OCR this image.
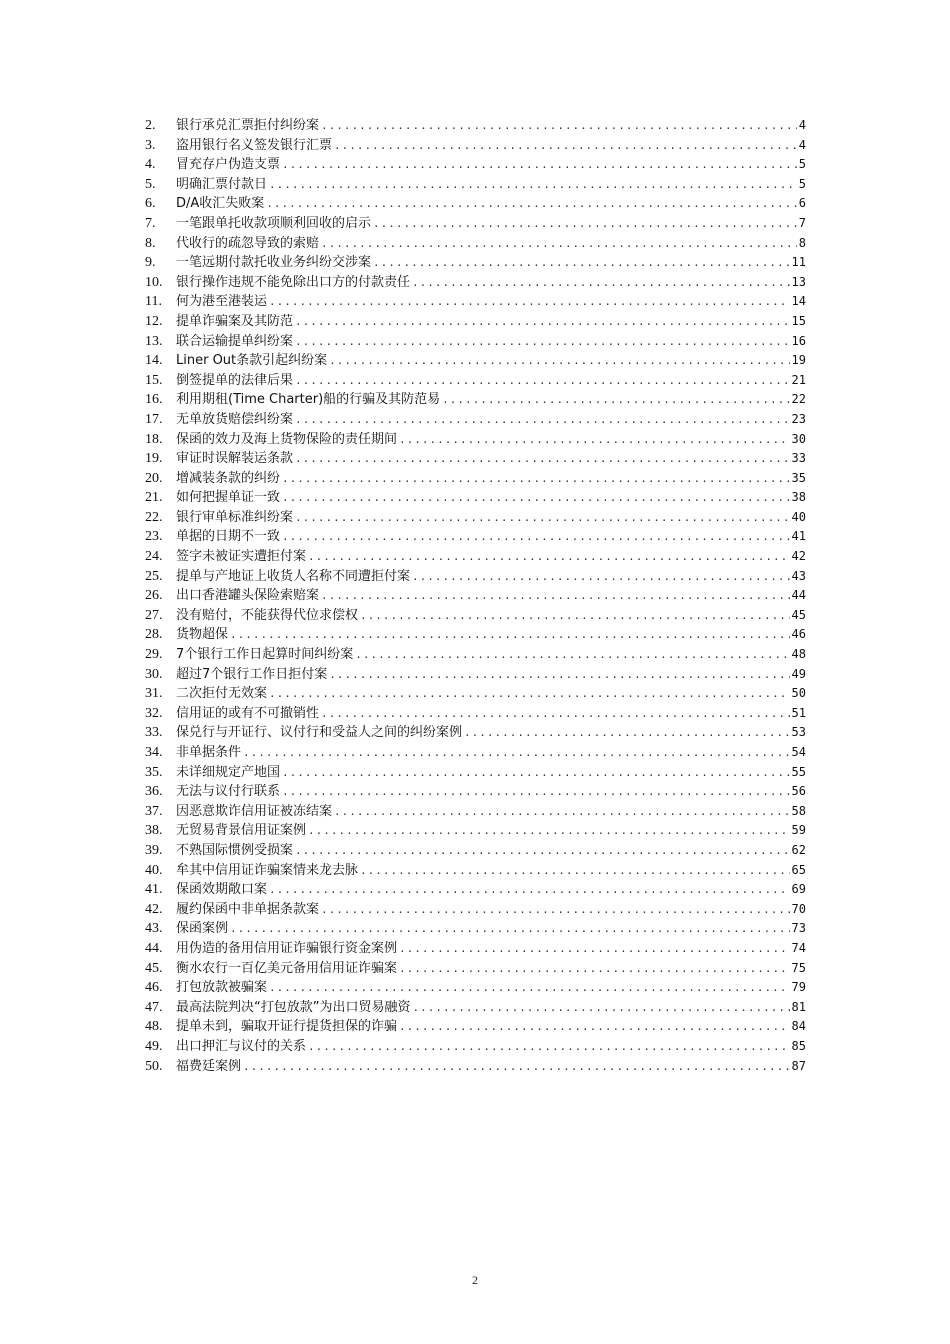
2.	银行承兑汇票拒付纠纷案 .....	4
3.	盗用银行名义签发银行汇票 .....	4
4.	冒充存户伪造支票 .....	5
5.	明确汇票付款日 .....	5
6.	D/A收汇失败案 .....	6
7.	一笔跟单托收款项顺利回收的启示 .....	7
8.	代收行的疏忽导致的索赔 .....	8
9.	一笔远期付款托收业务纠纷交涉案 .....	11
10.	银行操作违规不能免除出口方的付款责任 .....	13
11.	何为港至港装运 .....	14
12.	提单诈骗案及其防范 .....	15
13.	联合运输提单纠纷案 .....	16
14.	Liner Out条款引起纠纷案 .....	19
15.	倒签提单的法律后果 .....	21
16.	利用期租(Time Charter)船的行骗及其防范易 .....	22
17.	无单放货赔偿纠纷案 .....	23
18.	保函的效力及海上货物保险的责任期间 .....	30
19.	审证时误解装运条款 .....	33
20.	增减装条款的纠纷 .....	35
21.	如何把握单证一致 .....	38
22.	银行审单标准纠纷案 .....	40
23.	单据的日期不一致 .....	41
24.	签字未被证实遭拒付案 .....	42
25.	提单与产地证上收货人名称不同遭拒付案 .....	43
26.	出口香港罐头保险索赔案 .....	44
27.	没有赔付，不能获得代位求偿权 .....	45
28.	货物超保 .....	46
29.	7个银行工作日起算时间纠纷案 .....	48
30.	超过7个银行工作日拒付案 .....	49
31.	二次拒付无效案 .....	50
32.	信用证的或有不可撤销性 .....	51
33.	保兑行与开证行、议付行和受益人之间的纠纷案例 .....	53
34.	非单据条件 .....	54
35.	未详细规定产地国 .....	55
36.	无法与议付行联系 .....	56
37.	因恶意欺诈信用证被冻结案 .....	58
38.	无贸易背景信用证案例 .....	59
39.	不熟国际惯例受损案 .....	62
40.	牟其中信用证诈骗案情来龙去脉 .....	65
41.	保函效期敞口案 .....	69
42.	履约保函中非单据条款案 .....	70
43.	保函案例 .....	73
44.	用伪造的备用信用证诈骗银行资金案例 .....	74
45.	衡水农行一百亿美元备用信用证诈骗案 .....	75
46.	打包放款被骗案 .....	79
47.	最高法院判决“打包放款”为出口贸易融资 .....	81
48.	提单未到，骗取开证行提货担保的诈骗 .....	84
49.	出口押汇与议付的关系 .....	85
50.	福费廷案例 .....	87
2
